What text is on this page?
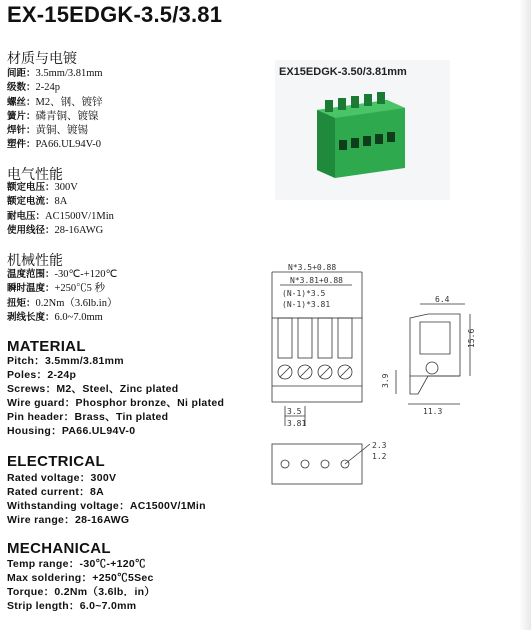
EX-15EDGK-3.5/3.81
材质与电镀
间距：3.5mm/3.81mm
级数：2-24p
螺丝：M2、钢、镀锌
簧片：磷青铜、镀镍
焊针：黄铜、镀锡
塑件：PA66.UL94V-0
电气性能
额定电压：300V
额定电流：8A
耐电压：AC1500V/1Min
使用线径：28-16AWG
机械性能
温度范围：-30℃-+120℃
瞬时温度：+250℃5 秒
扭矩：0.2Nm（3.6lb.in）
剥线长度：6.0~7.0mm
MATERIAL
Pitch：3.5mm/3.81mm
Poles：2-24p
Screws：M2、Steel、Zinc plated
Wire guard：Phosphor bronze、Ni plated
Pin header：Brass、Tin plated
Housing：PA66.UL94V-0
ELECTRICAL
Rated voltage：300V
Rated current：8A
Withstanding voltage：AC1500V/1Min
Wire range：28-16AWG
MECHANICAL
Temp range：-30℃-+120℃
Max soldering：+250℃5Sec
Torque：0.2Nm（3.6lb．in）
Strip length：6.0~7.0mm
EX15EDGK-3.50/3.81mm
N*3.5+0.88
N*3.81+0.88
(N-1)*3.5
(N-1)*3.81
3.5
3.81
6.4
15.6
3.9
11.3
2.3
1.2
